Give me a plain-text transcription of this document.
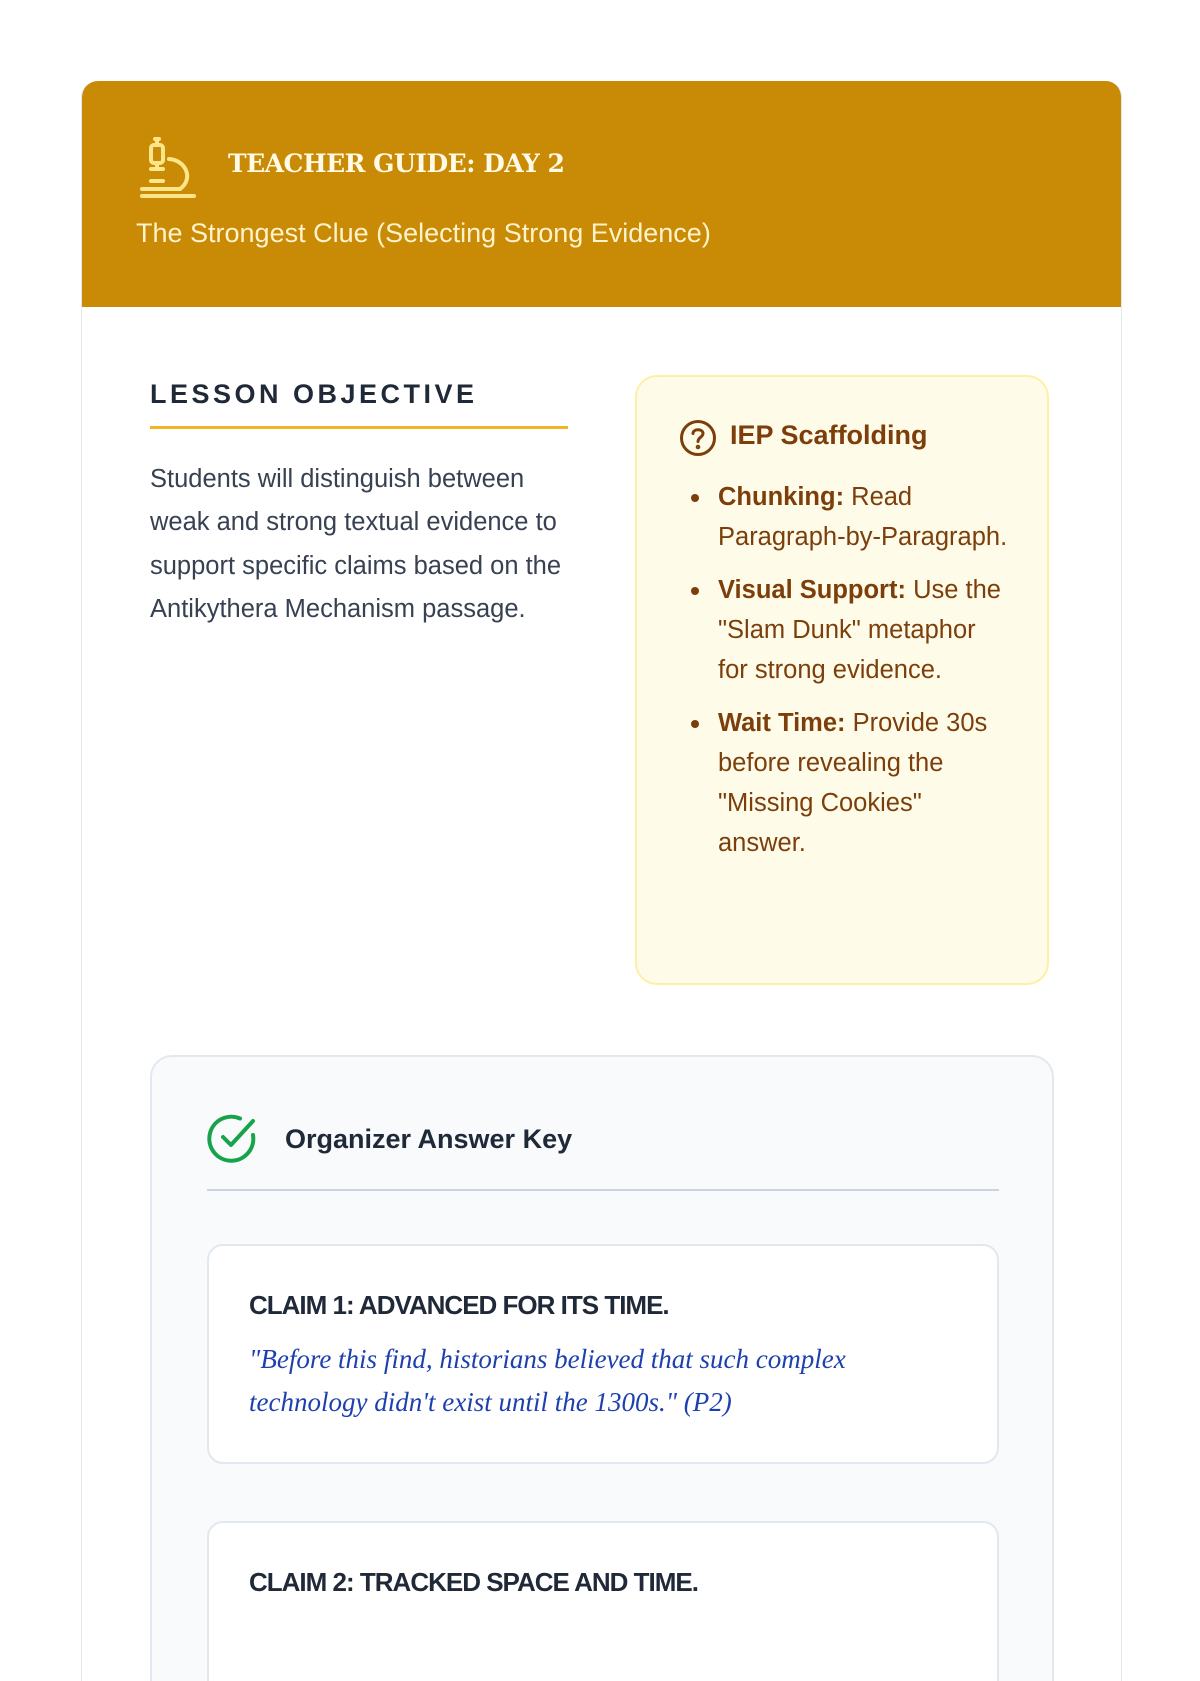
TEACHER GUIDE: DAY 2
The Strongest Clue (Selecting Strong Evidence)
LESSON OBJECTIVE
Students will distinguish between weak and strong textual evidence to support specific claims based on the Antikythera Mechanism passage.
IEP Scaffolding
Chunking: Read Paragraph-by-Paragraph.
Visual Support: Use the "Slam Dunk" metaphor for strong evidence.
Wait Time: Provide 30s before revealing the "Missing Cookies" answer.
Organizer Answer Key
CLAIM 1: ADVANCED FOR ITS TIME.
"Before this find, historians believed that such complex technology didn't exist until the 1300s." (P2)
CLAIM 2: TRACKED SPACE AND TIME.
